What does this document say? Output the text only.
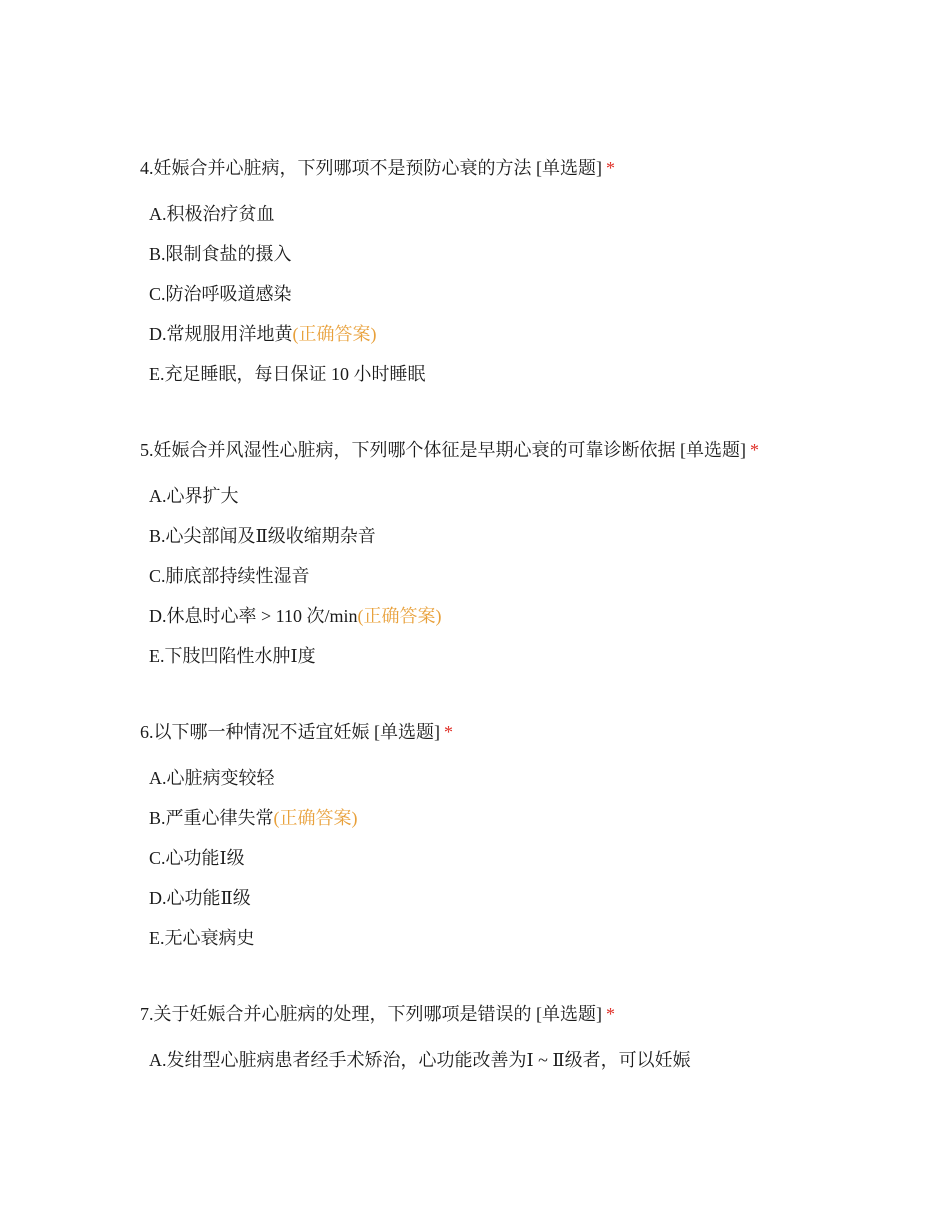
4.妊娠合并心脏病，下列哪项不是预防心衰的方法 [单选题] *
A.积极治疗贫血
B.限制食盐的摄入
C.防治呼吸道感染
D.常规服用洋地黄(正确答案)
E.充足睡眠，每日保证 10 小时睡眠
5.妊娠合并风湿性心脏病，下列哪个体征是早期心衰的可靠诊断依据 [单选题] *
A.心界扩大
B.心尖部闻及Ⅱ级收缩期杂音
C.肺底部持续性湿音
D.休息时心率 > 110 次/min(正确答案)
E.下肢凹陷性水肿Ⅰ度
6.以下哪一种情况不适宜妊娠 [单选题] *
A.心脏病变较轻
B.严重心律失常(正确答案)
C.心功能Ⅰ级
D.心功能Ⅱ级
E.无心衰病史
7.关于妊娠合并心脏病的处理，下列哪项是错误的 [单选题] *
A.发绀型心脏病患者经手术矫治，心功能改善为Ⅰ ~ Ⅱ级者，可以妊娠
